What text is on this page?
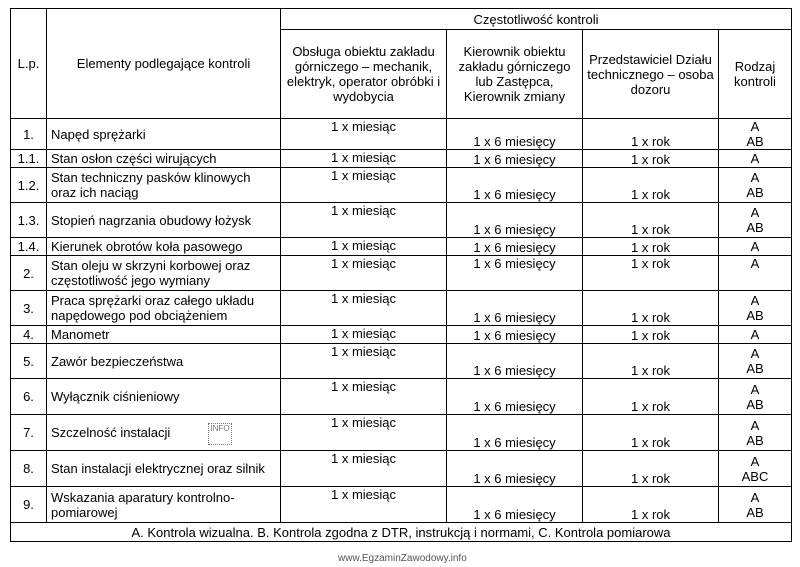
L.p.	Elementy podlegające kontroli	Częstotliwość kontroli			
		Obsługa obiektu zakładu górniczego – mechanik, elektryk, operator obróbki i wydobycia	Kierownik obiektu zakładu górniczego lub Zastępca, Kierownik zmiany	Przedstawiciel Działu technicznego – osoba dozoru	Rodzaj kontroli
1.	Napęd sprężarki	1 x miesiąc	1 x 6 miesięcy	1 x rok	A
AB

1.1.	Stan osłon części wirujących	1 x miesiąc	1 x 6 miesięcy	1 x rok	A

1.2.	Stan techniczny pasków klinowych oraz ich naciąg	1 x miesiąc	1 x 6 miesięcy	1 x rok	A
AB

1.3.	Stopień nagrzania obudowy łożysk	1 x miesiąc	1 x 6 miesięcy	1 x rok	A
AB

1.4.	Kierunek obrotów koła pasowego	1 x miesiąc	1 x 6 miesięcy	1 x rok	A

2.	Stan oleju w skrzyni korbowej oraz częstotliwość jego wymiany	1 x miesiąc	1 x 6 miesięcy	1 x rok	A

3.	Praca sprężarki oraz całego układu napędowego pod obciążeniem	1 x miesiąc	1 x 6 miesięcy	1 x rok	A
AB

4.	Manometr	1 x miesiąc	1 x 6 miesięcy	1 x rok	A

5.	Zawór bezpieczeństwa	1 x miesiąc	1 x 6 miesięcy	1 x rok	A
AB

6.	Wyłącznik ciśnieniowy	1 x miesiąc	1 x 6 miesięcy	1 x rok	A
AB

7.	Szczelność instalacji	1 x miesiąc	1 x 6 miesięcy	1 x rok	A
AB

8.	Stan instalacji elektrycznej oraz silnik	1 x miesiąc	1 x 6 miesięcy	1 x rok	A
ABC

9.	Wskazania aparatury kontrolno-pomiarowej	1 x miesiąc	1 x 6 miesięcy	1 x rok	A
AB

A. Kontrola wizualna. B. Kontrola zgodna z DTR, instrukcją i normami, C. Kontrola pomiarowa					
INFO
www.EgzaminZawodowy.info
